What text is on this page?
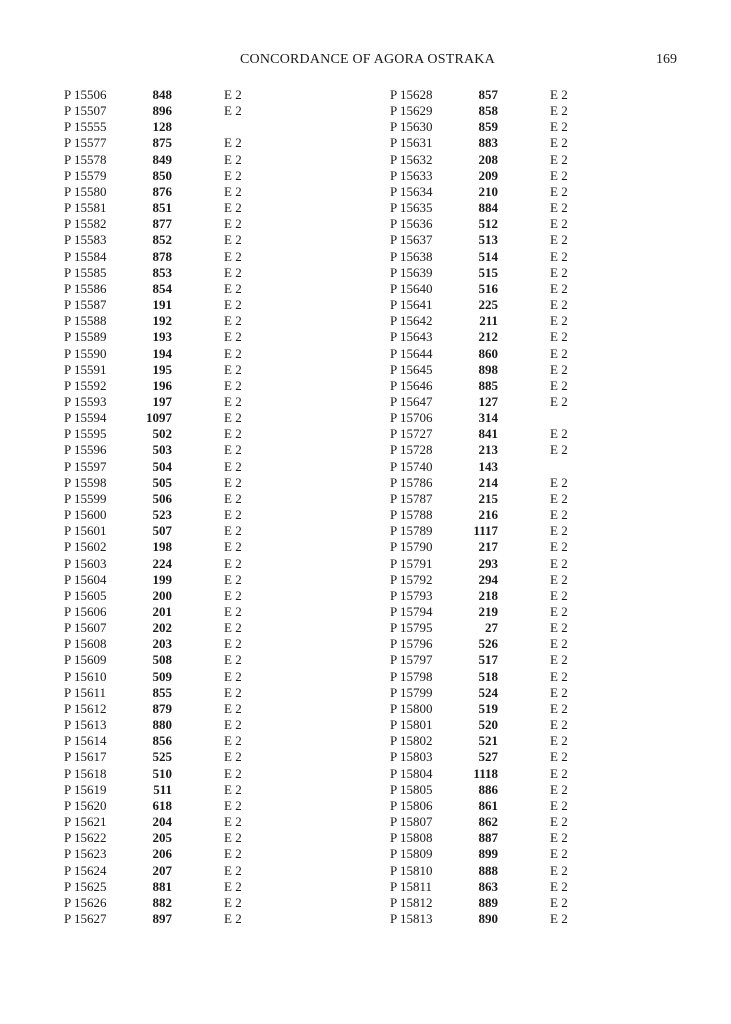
CONCORDANCE OF AGORA OSTRAKA	169
P 15506	848	E 2
P 15507	896	E 2
P 15555	128
P 15577	875	E 2
P 15578	849	E 2
P 15579	850	E 2
P 15580	876	E 2
P 15581	851	E 2
P 15582	877	E 2
P 15583	852	E 2
P 15584	878	E 2
P 15585	853	E 2
P 15586	854	E 2
P 15587	191	E 2
P 15588	192	E 2
P 15589	193	E 2
P 15590	194	E 2
P 15591	195	E 2
P 15592	196	E 2
P 15593	197	E 2
P 15594	1097	E 2
P 15595	502	E 2
P 15596	503	E 2
P 15597	504	E 2
P 15598	505	E 2
P 15599	506	E 2
P 15600	523	E 2
P 15601	507	E 2
P 15602	198	E 2
P 15603	224	E 2
P 15604	199	E 2
P 15605	200	E 2
P 15606	201	E 2
P 15607	202	E 2
P 15608	203	E 2
P 15609	508	E 2
P 15610	509	E 2
P 15611	855	E 2
P 15612	879	E 2
P 15613	880	E 2
P 15614	856	E 2
P 15617	525	E 2
P 15618	510	E 2
P 15619	511	E 2
P 15620	618	E 2
P 15621	204	E 2
P 15622	205	E 2
P 15623	206	E 2
P 15624	207	E 2
P 15625	881	E 2
P 15626	882	E 2
P 15627	897	E 2
P 15628	857	E 2
P 15629	858	E 2
P 15630	859	E 2
P 15631	883	E 2
P 15632	208	E 2
P 15633	209	E 2
P 15634	210	E 2
P 15635	884	E 2
P 15636	512	E 2
P 15637	513	E 2
P 15638	514	E 2
P 15639	515	E 2
P 15640	516	E 2
P 15641	225	E 2
P 15642	211	E 2
P 15643	212	E 2
P 15644	860	E 2
P 15645	898	E 2
P 15646	885	E 2
P 15647	127	E 2
P 15706	314
P 15727	841	E 2
P 15728	213	E 2
P 15740	143
P 15786	214	E 2
P 15787	215	E 2
P 15788	216	E 2
P 15789	1117	E 2
P 15790	217	E 2
P 15791	293	E 2
P 15792	294	E 2
P 15793	218	E 2
P 15794	219	E 2
P 15795	27	E 2
P 15796	526	E 2
P 15797	517	E 2
P 15798	518	E 2
P 15799	524	E 2
P 15800	519	E 2
P 15801	520	E 2
P 15802	521	E 2
P 15803	527	E 2
P 15804	1118	E 2
P 15805	886	E 2
P 15806	861	E 2
P 15807	862	E 2
P 15808	887	E 2
P 15809	899	E 2
P 15810	888	E 2
P 15811	863	E 2
P 15812	889	E 2
P 15813	890	E 2
